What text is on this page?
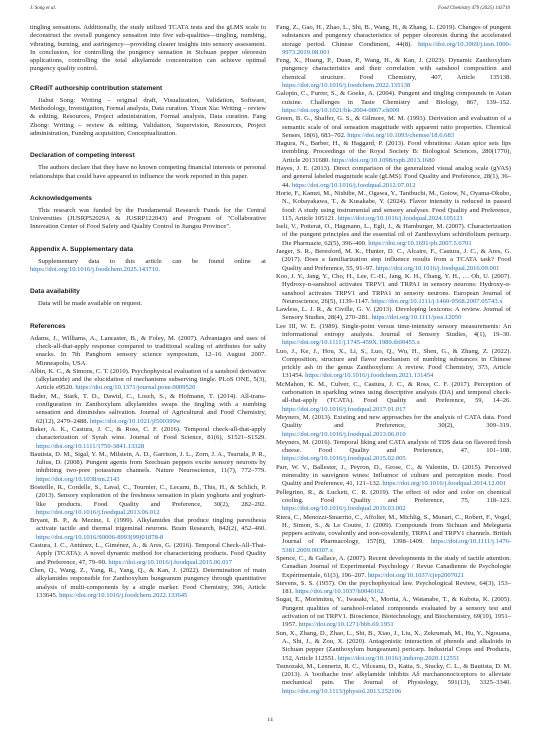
J. Song et al.	Food Chemistry 479 (2025) 143710

tingling sensations. Additionally, the study utilized TCATA tests and the gLMS scale to deconstruct the overall pungency sensation into five sub-qualities—tingling, numbing, vibrating, burning, and astringency—providing clearer insights into sensory assessment. In conclusion, for controlling the pungency sensation in Sichuan pepper oleoresin applications, controlling the total alkylamide concentration can achieve optimal pungency quality control.

CRediT authorship contribution statement

Jiahui Song: Writing – original draft, Visualization, Validation, Software, Methodology, Investigation, Formal analysis, Data curation. Yixun Xia: Writing – review & editing, Resources, Project administration, Formal analysis, Data curation. Fang Zhong: Writing – review & editing, Validation, Supervision, Resources, Project administration, Funding acquisition, Conceptualization.

Declaration of competing interest

The authors declare that they have no known competing financial interests or personal relationships that could have appeared to influence the work reported in this paper.

Acknowledgements

This research was funded by the Fundamental Research Funds for the Central Universities (JUSRP52029A & JUSRP122043) and Program of "Collaborative Innovation Center of Food Safety and Quality Control in Jiangsu Province".

Appendix A. Supplementary data

Supplementary data to this article can be found online at https://doi.org/10.1016/j.foodchem.2025.143710.

Data availability

Data will be made available on request.

References

Adams, J., Williams, A., Lancaster, B., & Foley, M. (2007). Advantages and uses of check-all-that-apply response compared to traditional scaling of attributes for salty snacks. In 7th Pangborn sensory science symposium, 12–16 August 2007. Minneapolis, USA.

Albin, K. C., & Simons, C. T. (2010). Psychophysical evaluation of a sanshool derivative (alkylamide) and the elucidation of mechanisms subserving tingle. PLoS ONE, 5(3), Article e9520. https://doi.org/10.1371/journal.pone.0009520

Bader, M., Stark, T. D., Dawid, C., Losch, S., & Hofmann, T. (2014). All-trans-configuration in Zanthoxylum alkylamides swaps the tingling with a numbing sensation and diminishes salivation. Journal of Agricultural and Food Chemistry, 62(12), 2479–2488. https://doi.org/10.1021/jf500399w

Baker, A. K., Castura, J. C., & Ross, C. F. (2016). Temporal check-all-that-apply characterization of Syrah wine. Journal of Food Science, 81(6), S1521–S1529. https://doi.org/10.1111/1750-3841.13328

Bautista, D. M., Sigal, Y. M., Milstein, A. D., Garrison, J. L., Zorn, J. A., Tsuruda, P. R., Julius, D. (2008). Pungent agents from Szechuan peppers excite sensory neurons by inhibiting two-pore potassium channels. Nature Neuroscience, 11(7), 772–779. https://doi.org/10.1038/nn.2143

Bosteille, R., Cordelle, S., Laval, C., Tournier, C., Lecanu, B., This, H., & Schlich, P. (2013). Sensory exploration of the freshness sensation in plain yoghurts and yoghurt-like products. Food Quality and Preference, 30(2), 282–292. https://doi.org/10.1016/j.foodqual.2013.06.012

Bryant, B. P., & Mezine, I. (1999). Alkylamides that produce tingling paresthesia activate tactile and thermal trigeminal neurons. Brain Research, 842(2), 452–460. https://doi.org/10.1016/S0006-8993(99)01878-8

Castura, J. C., Antúnez, L., Giménez, A., & Ares, G. (2016). Temporal Check-All-That-Apply (TCATA): A novel dynamic method for characterizing products. Food Quality and Preference, 47, 79–90. https://doi.org/10.1016/j.foodqual.2015.06.017

Chen, Q., Wang, Z., Yang, R., Yang, Q., & Kan, J. (2022). Determination of main alkylamides responsible for Zanthoxylum bungeanum pungency through quantitative analysis of multi-components by a single marker. Food Chemistry, 396, Article 133645. https://doi.org/10.1016/j.foodchem.2022.133645

Fang, Z., Gao, H., Zhao, L., Shi, B., Wang, H., & Zhang, L. (2019). Changes of pungent substances and pungency characteristics of pepper oleoresin during the accelerated storage period. Chinese Condiment, 44(8). https://doi.org/10.3969/j.issn.1000-9973.2019.08.001

Feng, X., Huang, P., Duan, P., Wang, H., & Kan, J. (2023). Dynamic Zanthoxylum pungency characteristics and their correlation with sanshool composition and chemical structure. Food Chemistry, 407, Article 135138. https://doi.org/10.1016/j.foodchem.2022.135138

Galopin, C., Furrer, S., & Goeke, A. (2004). Pungent and tingling compounds in Asian cuisine. Challenges in Taste Chemistry and Biology, 867, 139–152. https://doi.org/10.1021/bk-2004-0867.ch009

Green, B. G., Shaffer, G. S., & Gilmore, M. M. (1993). Derivation and evaluation of a semantic scale of oral sensation magnitude with apparent ratio properties. Chemical Senses, 18(6), 683–702. https://doi.org/10.1093/chemse/18.6.683

Hagura, N., Barber, H., & Haggard, P. (2013). Food vibrations: Asian spice sets lips trembling. Proceedings of the Royal Society B: Biological Sciences, 280(1770), Article 20131680. https://doi.org/10.1098/rspb.2013.1680

Hayes, J. E. (2013). Direct comparison of the generalized visual analog scale (gVAS) and general labeled magnitude scale (gLMS). Food Quality and Preference, 28(1), 36–44. https://doi.org/10.1016/j.foodqual.2012.07.012

Horie, F., Kamei, M., Nishibe, M., Ogawa, Y., Tanibuchi, M., Gotow, N., Oyama-Okubo, N., Kobayakawa, T., & Kusakabe, Y. (2024). Flavor intensity is reduced in passed food: A study using instrumental and sensory analyses. Food Quality and Preference, 115, Article 105121. https://doi.org/10.1016/j.foodqual.2024.105121

Iseli, V., Potterat, O., Hagmann, L., Egli, J., & Hamburger, M. (2007). Characterization of the pungent principles and the essential oil of Zanthoxylum schinifolium pericarp. Die Pharmazie, 62(5), 396–400. https://doi.org/10.1691/ph.2007.5.6701

Jaeger, S. R., Beresford, M. K., Hunter, D. C., Alcaire, F., Castura, J. C., & Ares, G. (2017). Does a familiarization step influence results from a TCATA task? Food Quality and Preference, 55, 91–97. https://doi.org/10.1016/j.foodqual.2016.09.001

Koo, J. Y., Jang, Y., Cho, H., Lee, C.-H., Jang, K. H., Chang, Y. H., … Oh, U. (2007). Hydroxy-α-sanshool activates TRPV1 and TRPA1 in sensory neurons: Hydroxy-α-sanshool activates TRPV1 and TRPA1 in sensory neurons. European Journal of Neuroscience, 26(5), 1139–1147. https://doi.org/10.1111/j.1460-9568.2007.05743.x

Lawless, L. J. R., & Civille, G. V. (2013). Developing lexicons: A review. Journal of Sensory Studies, 28(4), 270–281. https://doi.org/10.1111/joss.12050

Lee III, W. E. (1989). Single-point versus time-intensity sensory measurements: An informational entropy analysis. Journal of Sensory Studies, 4(1), 19–30. https://doi.org/10.1111/j.1745-459X.1989.tb00455.x

Luo, J., Ke, J., Hou, X., Li, S., Luo, Q., Wu, H., Shen, G., & Zhang, Z. (2022). Composition, structure and flavor mechanism of numbing substances in Chinese prickly ash in the genus Zanthoxylum: A review. Food Chemistry, 373, Article 131454. https://doi.org/10.1016/j.foodchem.2021.131454

McMahon, K. M., Culver, C., Castura, J. C., & Ross, C. F. (2017). Perception of carbonation in sparkling wines using descriptive analysis (DA) and temporal check-all-that-apply (TCATA). Food Quality and Preference, 59, 14–26. https://doi.org/10.1016/j.foodqual.2017.01.017

Meyners, M. (2013). Existing and new approaches for the analysis of CATA data. Food Quality and Preference, 30(2), 309–319. https://doi.org/10.1016/j.foodqual.2013.06.010

Meyners, M. (2016). Temporal liking and CATA analysis of TDS data on flavored fresh cheese. Food Quality and Preference, 47, 101–108. https://doi.org/10.1016/j.foodqual.2015.02.005

Parr, W. V., Ballester, J., Peyron, D., Grose, C., & Valentin, D. (2015). Perceived minerality in sauvignon wines: Influence of culture and perception mode. Food Quality and Preference, 41, 121–132. https://doi.org/10.1016/j.foodqual.2014.12.001

Pellegrino, R., & Luckett, C. R. (2019). The effect of odor and color on chemical cooling. Food Quality and Preference, 75, 118–123. https://doi.org/10.1016/j.foodqual.2019.03.002

Riera, C., Menozzi-Smarrito, C., Affolter, M., Michlig, S., Munari, C., Robert, F., Vogel, H., Simon, S., & Le Coutre, J. (2009). Compounds from Sichuan and Melegueta peppers activate, covalently and non-covalently, TRPA1 and TRPV1 channels. British Journal of Pharmacology, 157(8), 1398–1409. https://doi.org/10.1111/j.1476-5381.2009.00307.x

Spence, C., & Gallace, A. (2007). Recent developments in the study of tactile attention. Canadian Journal of Experimental Psychology / Revue Canadienne de Psychologie Expérimentale, 61(3), 196–207. https://doi.org/10.1037/cjep2007021

Stevens, S. S. (1957). On the psychophysical law. Psychological Review, 64(3), 153–181. https://doi.org/10.1037/h0046162

Sugai, E., Morimitsu, Y., Iwasaki, Y., Morita, A., Watanabe, T., & Kubota, K. (2005). Pungent qualities of sanshool-related compounds evaluated by a sensory test and activation of rat TRPV1. Bioscience, Biotechnology, and Biochemistry, 69(10), 1951–1957. https://doi.org/10.1271/bbb.69.1951

Sun, X., Zhang, D., Zhao, L., Shi, B., Xiao, J., Liu, X., Zekrumah, M., Hu, Y., Ngouana, A., Shi, J., & Zou, X. (2020). Antagonistic interaction of phenols and alkaloids in Sichuan pepper (Zanthoxylum bungeanum) pericarp. Industrial Crops and Products, 152, Article 112551. https://doi.org/10.1016/j.indcrop.2020.112551

Tsunozaki, M., Lennertz, R. C., Vilceanu, D., Katta, S., Stucky, C. L., & Bautista, D. M. (2013). A 'toothache tree' alkylamide inhibits Aδ mechanonociceptors to alleviate mechanical pain. The Journal of Physiology, 591(13), 3325–3340. https://doi.org/10.1113/jphysiol.2013.252106

14
